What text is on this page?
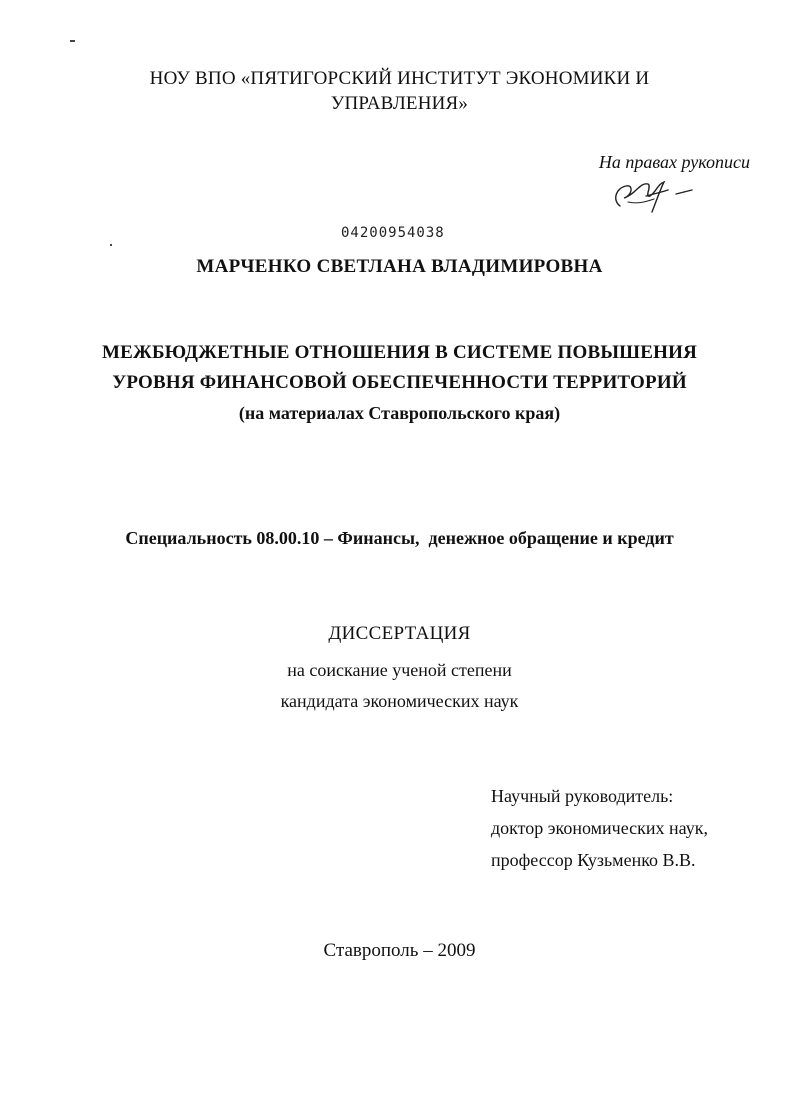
НОУ ВПО «ПЯТИГОРСКИЙ ИНСТИТУТ ЭКОНОМИКИ И
УПРАВЛЕНИЯ»
На правах рукописи
04200954038
МАРЧЕНКО СВЕТЛАНА ВЛАДИМИРОВНА
МЕЖБЮДЖЕТНЫЕ ОТНОШЕНИЯ В СИСТЕМЕ ПОВЫШЕНИЯ
УРОВНЯ ФИНАНСОВОЙ ОБЕСПЕЧЕННОСТИ ТЕРРИТОРИЙ
(на материалах Ставропольского края)
Специальность 08.00.10 – Финансы,  денежное обращение и кредит
ДИССЕРТАЦИЯ
на соискание ученой степени
кандидата экономических наук
Научный руководитель:
доктор экономических наук,
профессор Кузьменко В.В.
Ставрополь – 2009
